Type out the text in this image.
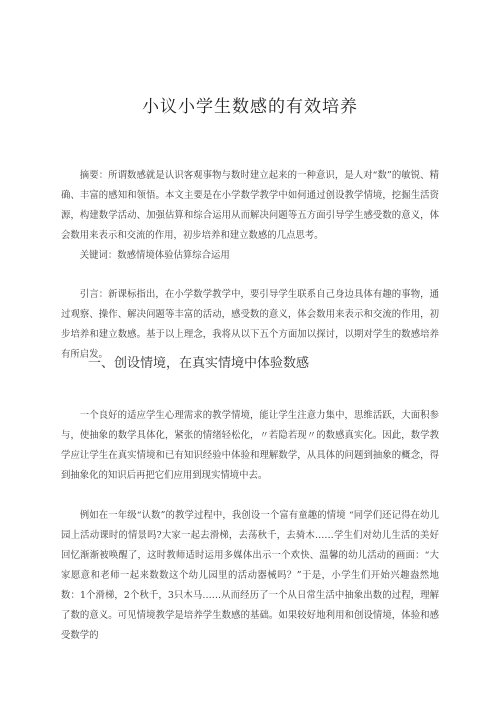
小议小学生数感的有效培养

摘要：所谓数感就是认识客观事物与数时建立起来的一种意识，是人对“数”的敏锐、精确、丰富的感知和领悟。本文主要是在小学数学教学中如何通过创设教学情境，挖掘生活资源，构建数学活动、加强估算和综合运用从而解决问题等五方面引导学生感受数的意义，体会数用来表示和交流的作用，初步培养和建立数感的几点思考。

关键词：数感情境体验估算综合运用

引言：新课标指出，在小学数学教学中，要引导学生联系自己身边具体有趣的事物，通过观察、操作、解决问题等丰富的活动，感受数的意义，体会数用来表示和交流的作用，初步培养和建立数感。基于以上理念，我将从以下五个方面加以探讨，以期对学生的数感培养有所启发。

一、创设情境，在真实情境中体验数感

一个良好的适应学生心理需求的教学情境，能让学生注意力集中，思维活跃，大面积参与，使抽象的数学具体化，紧张的情绪轻松化，〃若隐若现〃的数感真实化。因此，数学教学应让学生在真实情境和已有知识经验中体验和理解数学，从具体的问题到抽象的概念，得到抽象化的知识后再把它们应用到现实情境中去。

例如在一年级“认数”的教学过程中，我创设一个富有童趣的情境 “同学们还记得在幼儿园上活动课时的情景吗?大家一起去滑梯，去荡秋千，去骑木……学生们对幼儿生活的美好回忆渐渐被唤醒了，这时教师适时运用多媒体出示一个欢快、温馨的幼儿活动的画面：“大家愿意和老师一起来数数这个幼儿园里的活动器械吗？”于是，小学生们开始兴趣盎然地数：1个滑梯，2个秋千，3只木马……从而经历了一个从日常生活中抽象出数的过程，理解了数的意义。可见情境教学是培养学生数感的基础。如果较好地利用和创设情境，体验和感受数学的
